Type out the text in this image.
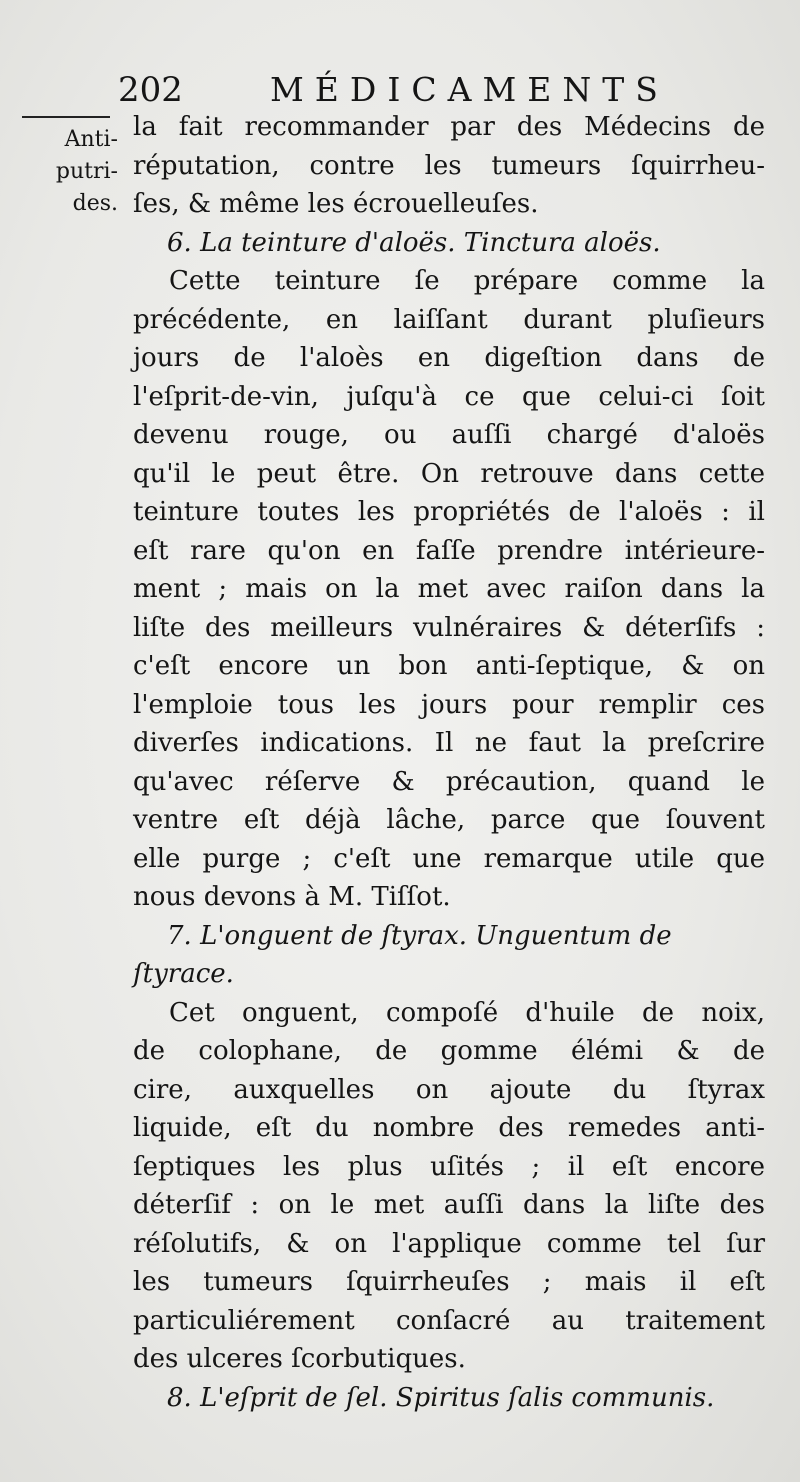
202	MÉDICAMENTS
Anti-
putri-
des.
la fait recommander par des Médecins de
réputation, contre les tumeurs ſquirrheu-
ſes, & même les écrouelleuſes.
6. La teinture d'aloës. Tinctura aloës.
Cette teinture ſe prépare comme la
précédente, en laiſſant durant pluſieurs
jours de l'aloès en digeſtion dans de
l'eſprit-de-vin, juſqu'à ce que celui-ci ſoit
devenu rouge, ou auſſi chargé d'aloës
qu'il le peut être. On retrouve dans cette
teinture toutes les propriétés de l'aloës : il
eſt rare qu'on en faſſe prendre intérieure-
ment ; mais on la met avec raiſon dans la
liſte des meilleurs vulnéraires & déterſifs :
c'eſt encore un bon anti-ſeptique, & on
l'emploie tous les jours pour remplir ces
diverſes indications. Il ne faut la preſcrire
qu'avec réſerve & précaution, quand le
ventre eſt déjà lâche, parce que ſouvent
elle purge ; c'eſt une remarque utile que
nous devons à M. Tiſſot.
7. L'onguent de ſtyrax. Unguentum de
ſtyrace.
Cet onguent, compoſé d'huile de noix,
de colophane, de gomme élémi & de
cire, auxquelles on ajoute du ſtyrax
liquide, eſt du nombre des remedes anti-
ſeptiques les plus uſités ; il eſt encore
déterſif : on le met auſſi dans la liſte des
réſolutifs, & on l'applique comme tel ſur
les tumeurs ſquirrheuſes ; mais il eſt
particuliérement conſacré au traitement
des ulceres ſcorbutiques.
8. L'eſprit de ſel. Spiritus ſalis communis.
